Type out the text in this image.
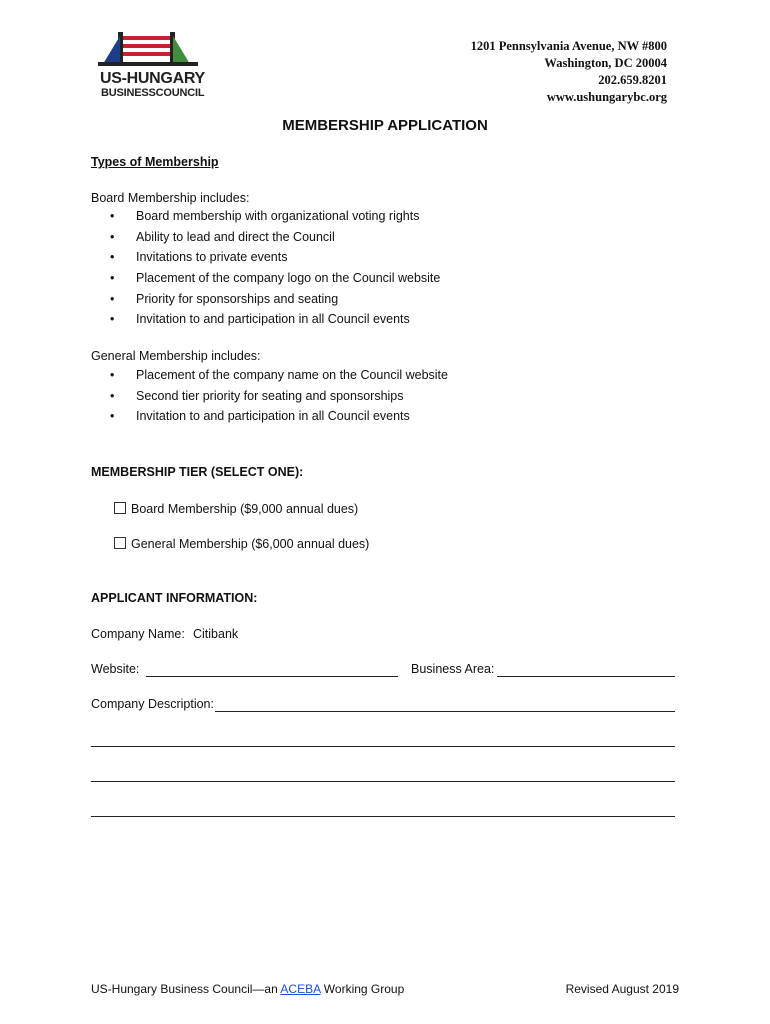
US-HUNGARY
BUSINESSCOUNCIL
1201 Pennsylvania Avenue, NW #800
Washington, DC 20004
202.659.8201
www.ushungarybc.org
MEMBERSHIP APPLICATION
Types of Membership
Board Membership includes:
• Board membership with organizational voting rights
• Ability to lead and direct the Council
• Invitations to private events
• Placement of the company logo on the Council website
• Priority for sponsorships and seating
• Invitation to and participation in all Council events
General Membership includes:
• Placement of the company name on the Council website
• Second tier priority for seating and sponsorships
• Invitation to and participation in all Council events
MEMBERSHIP TIER (SELECT ONE):
Board Membership ($9,000 annual dues)
General Membership ($6,000 annual dues)
APPLICANT INFORMATION:
Company Name: Citibank
Website:	Business Area:
Company Description:
US-Hungary Business Council—an ACEBA Working Group	Revised August 2019
